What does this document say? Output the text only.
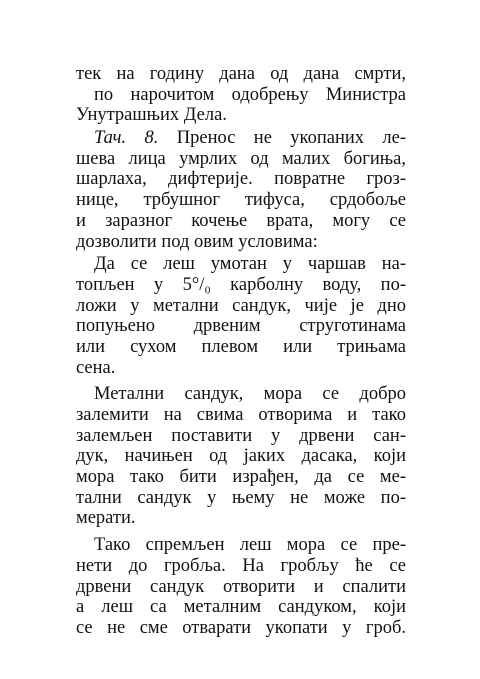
тек на годину дана од дана смрти,
по нарочитом одобрењу Министра
Унутрашњих Дела.
Тач. 8. Пренос не укопаних ле-
шева лица умрлих од малих богиња,
шарлаха, дифтерије. повратне гроз-
нице, трбушног тифуса, срдобоље
и заразног кочење врата, могу се
дозволити под овим условима:
Да се леш умотан у чаршав на-
топљен у 5°/₀ карболну воду, по-
ложи у метални сандук, чије је дно
попуњено дрвеним струготинама
или сухом плевом или трињама
сена.
Метални сандук, мора се добро
залемити на свима отворима и тако
залемљен поставити у дрвени сан-
дук, начињен од јаких дасака, који
мора тако бити израђен, да се ме-
тални сандук у њему не може по-
мерати.
Тако спремљен леш мора се пре-
нети до гробља. На гробљу ће се
дрвени сандук отворити и спалити
а леш са металним сандуком, који
се не сме отварати укопати у гроб.
